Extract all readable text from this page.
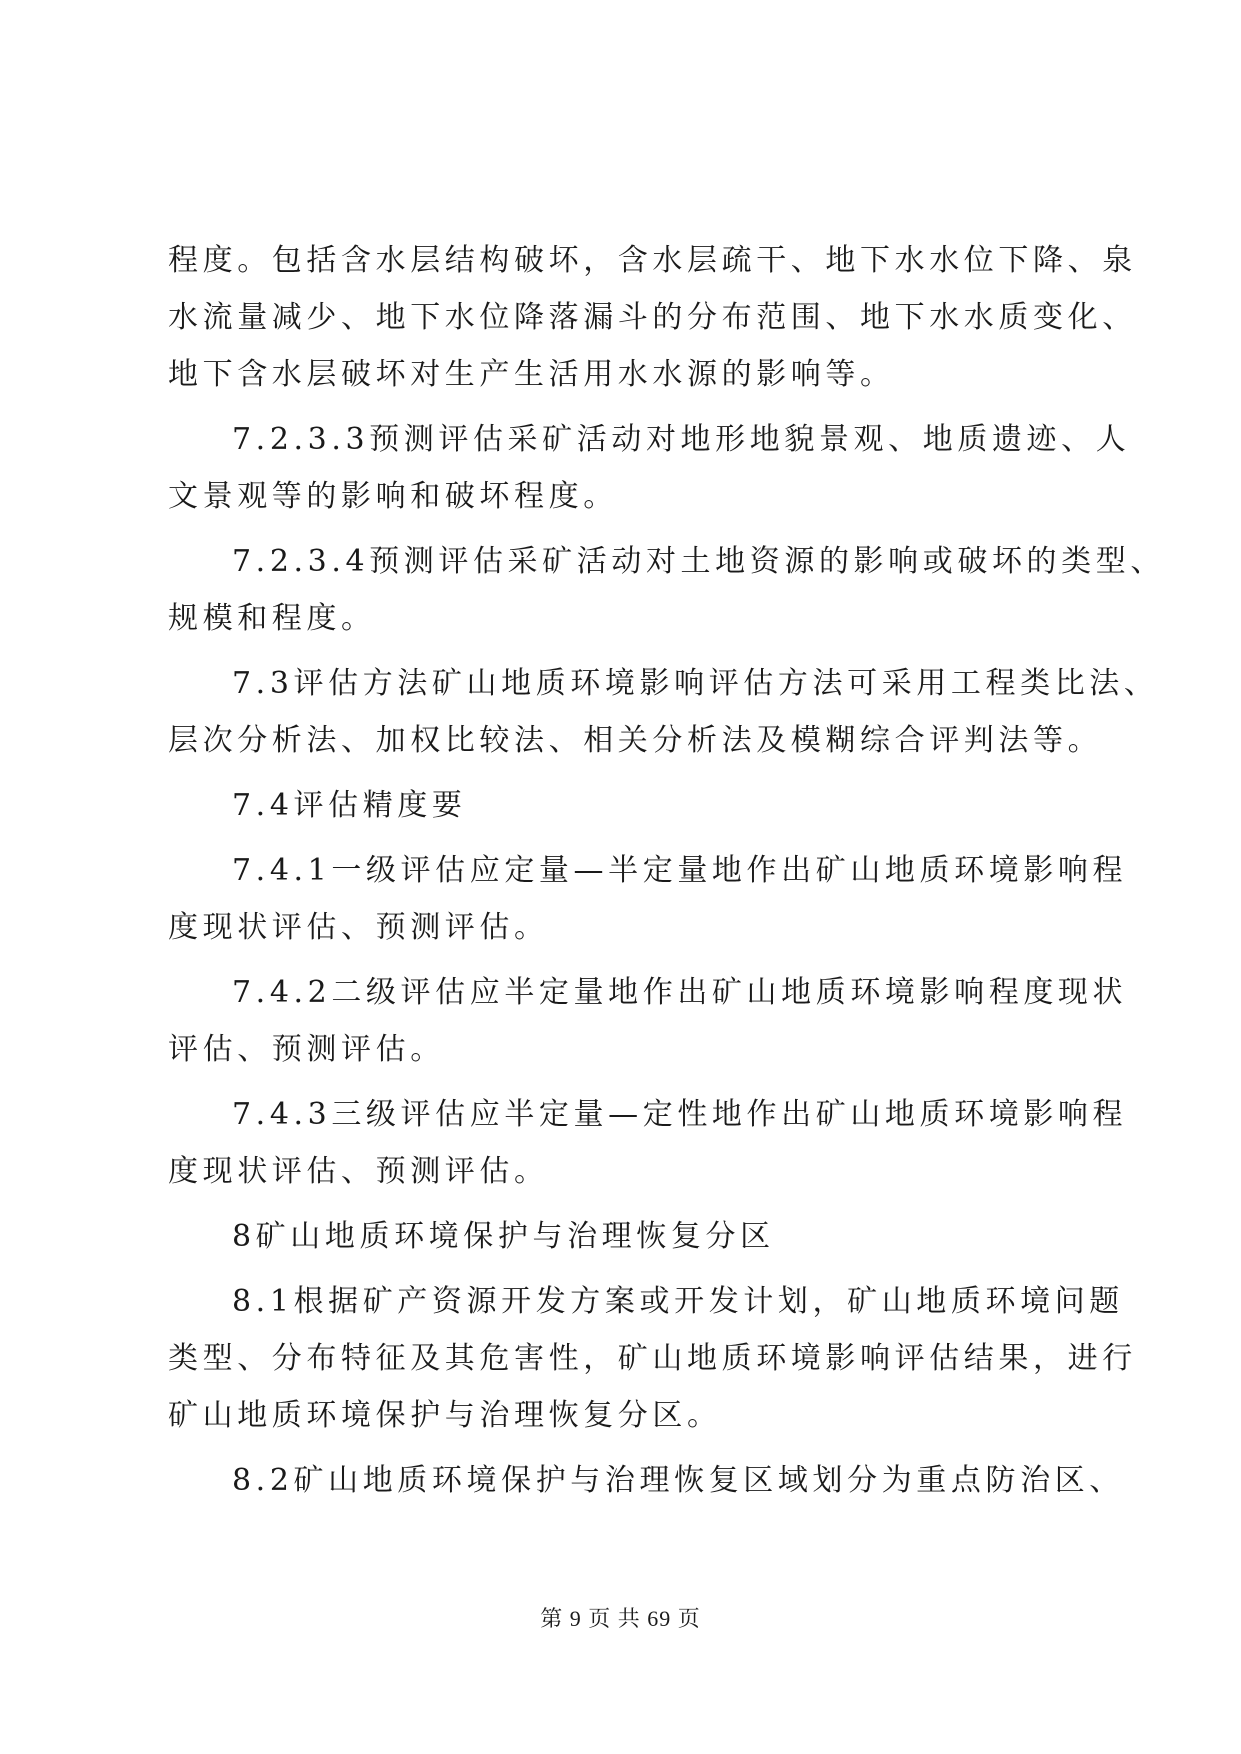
程度。包括含水层结构破坏，含水层疏干、地下水水位下降、泉
水流量减少、地下水位降落漏斗的分布范围、地下水水质变化、
地下含水层破坏对生产生活用水水源的影响等。
7.2.3.3预测评估采矿活动对地形地貌景观、地质遗迹、人
文景观等的影响和破坏程度。
7.2.3.4预测评估采矿活动对土地资源的影响或破坏的类型、
规模和程度。
7.3评估方法矿山地质环境影响评估方法可采用工程类比法、
层次分析法、加权比较法、相关分析法及模糊综合评判法等。
7.4评估精度要
7.4.1一级评估应定量—半定量地作出矿山地质环境影响程
度现状评估、预测评估。
7.4.2二级评估应半定量地作出矿山地质环境影响程度现状
评估、预测评估。
7.4.3三级评估应半定量—定性地作出矿山地质环境影响程
度现状评估、预测评估。
8矿山地质环境保护与治理恢复分区
8.1根据矿产资源开发方案或开发计划，矿山地质环境问题
类型、分布特征及其危害性，矿山地质环境影响评估结果，进行
矿山地质环境保护与治理恢复分区。
8.2矿山地质环境保护与治理恢复区域划分为重点防治区、
第 9 页 共 69 页
